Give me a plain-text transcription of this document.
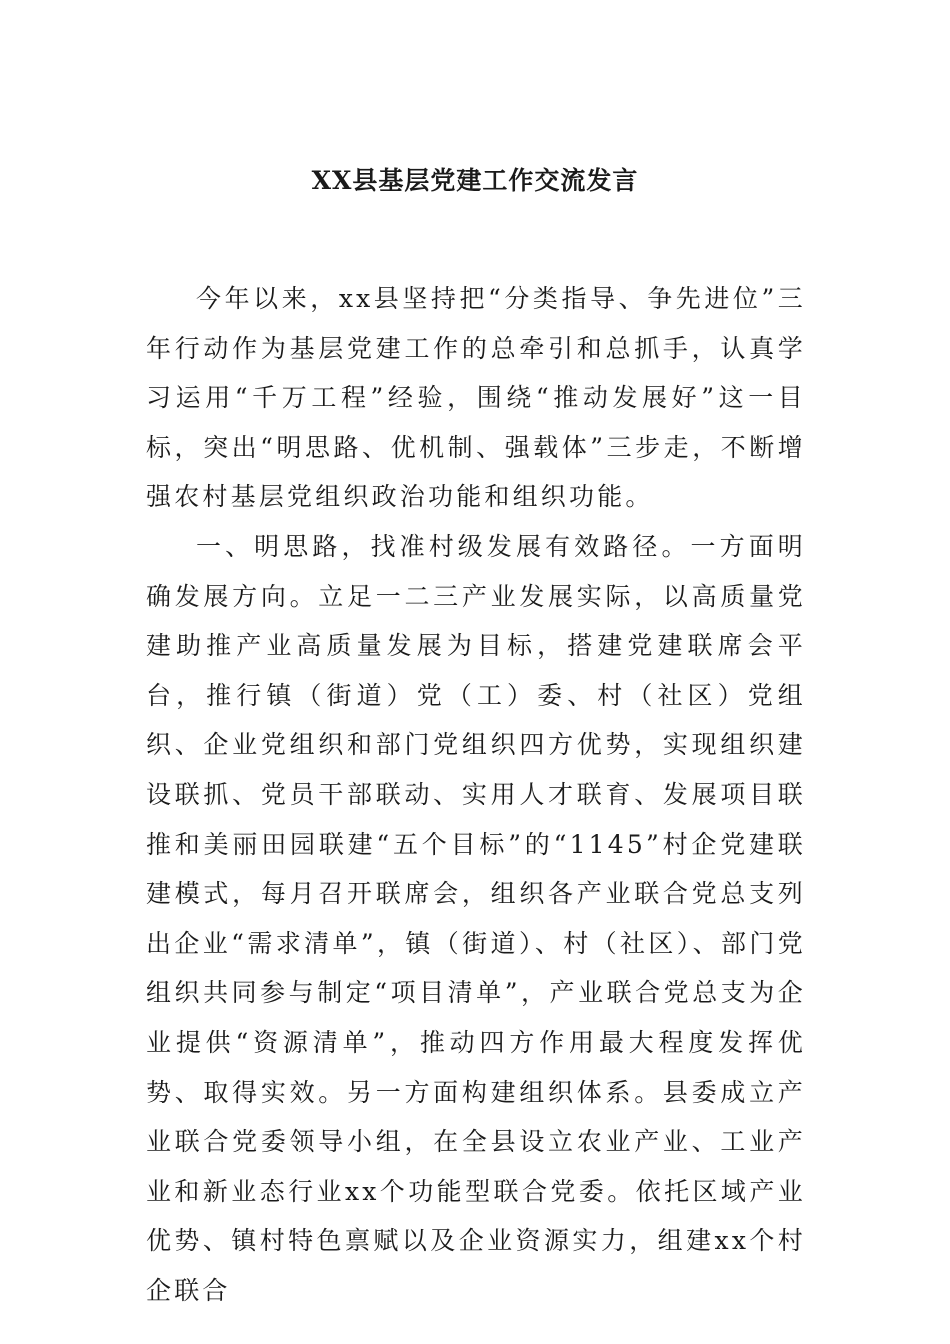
XX县基层党建工作交流发言

今年以来，xx县坚持把“分类指导、争先进位”三年行动作为基层党建工作的总牵引和总抓手，认真学习运用“千万工程”经验，围绕“推动发展好”这一目标，突出“明思路、优机制、强载体”三步走，不断增强农村基层党组织政治功能和组织功能。

一、明思路，找准村级发展有效路径。一方面明确发展方向。立足一二三产业发展实际，以高质量党建助推产业高质量发展为目标，搭建党建联席会平台，推行镇（街道）党（工）委、村（社区）党组织、企业党组织和部门党组织四方优势，实现组织建设联抓、党员干部联动、实用人才联育、发展项目联推和美丽田园联建“五个目标”的“1145”村企党建联建模式，每月召开联席会，组织各产业联合党总支列出企业“需求清单”，镇（街道）、村（社区）、部门党组织共同参与制定“项目清单”，产业联合党总支为企业提供“资源清单”，推动四方作用最大程度发挥优势、取得实效。另一方面构建组织体系。县委成立产业联合党委领导小组，在全县设立农业产业、工业产业和新业态行业xx个功能型联合党委。依托区域产业优势、镇村特色禀赋以及企业资源实力，组建xx个村企联合
